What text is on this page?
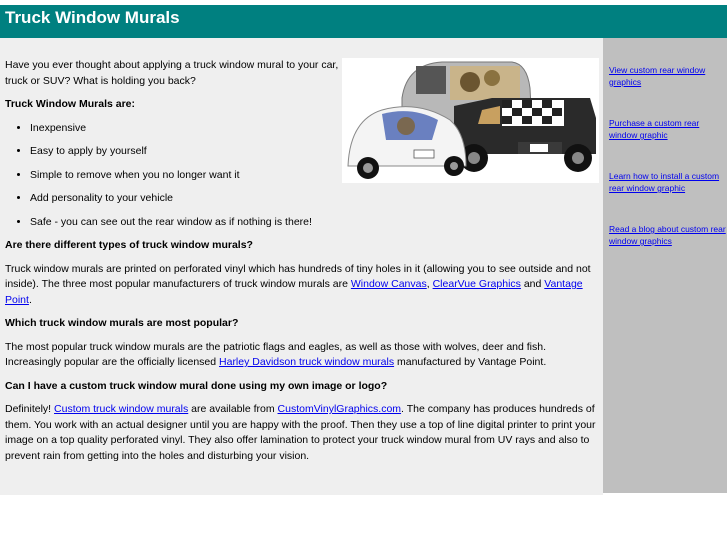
Truck Window Murals

Have you ever thought about applying a truck window mural to your car, truck or SUV? What is holding you back?

Truck Window Murals are:

• Inexpensive
• Easy to apply by yourself
• Simple to remove when you no longer want it
• Add personality to your vehicle
• Safe - you can see out the rear window as if nothing is there!

Are there different types of truck window murals?

Truck window murals are printed on perforated vinyl which has hundreds of tiny holes in it (allowing you to see outside and not inside). The three most popular manufacturers of truck window murals are Window Canvas, ClearVue Graphics and Vantage Point.

Which truck window murals are most popular?

The most popular truck window murals are the patriotic flags and eagles, as well as those with wolves, deer and fish. Increasingly popular are the officially licensed Harley Davidson truck window murals manufactured by Vantage Point.

Can I have a custom truck window mural done using my own image or logo?

Definitely! Custom truck window murals are available from CustomVinylGraphics.com. The company has produces hundreds of them. You work with an actual designer until you are happy with the proof. Then they use a top of line digital printer to print your image on a top quality perforated vinyl. They also offer lamination to protect your truck window mural from UV rays and also to prevent rain from getting into the holes and disturbing your vision.

View custom rear window graphics
Purchase a custom rear window graphic
Learn how to install a custom rear window graphic
Read a blog about custom rear window graphics
